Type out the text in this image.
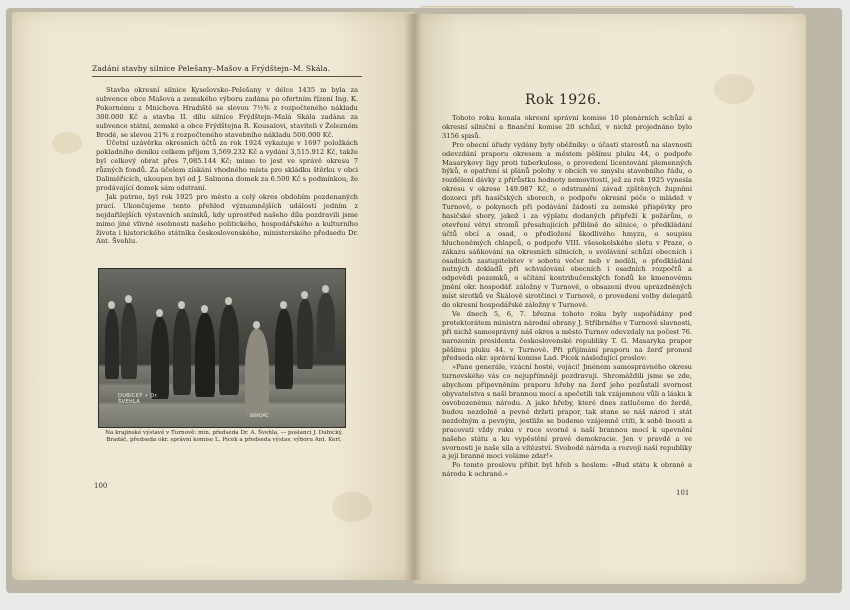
Zadání stavby silnice Pelešany–Mašov a Frýdštejn–M. Skála.

Stavba okresní silnice Kyselovsko–Pelešany v délce 1435 m byla za subvence obce Mašova a zemského výboru zadána po ofertním řízení Ing. K. Pokornému z Mnichova Hradiště se slevou 7½% z rozpočteného nákladu 300.000 Kč a stavba II. dílu silnice Frýdštejn–Malá Skála zadána za subvence státní, zemské a obce Frýdštejna R. Kousalovi, staviteli v Železném Brodě, se slevou 21% z rozpočteného stavebního nákladu 500.000 Kč.

Účetní uzávěrka okresních účtů za rok 1924 vykazuje v 1697 položkách pokladního deníku celkem příjem 3,569.232 Kč a vydání 3,515.912 Kč, takže byl celkový obrat přes 7,085.144 Kč; mimo to jest ve správě okresu 7 různých fondů. Za účelem získání vhodného místa pro skládku štěrku v obci Dalimĕřicích, ukoupen byl od J. Salmona domek za 6.500 Kč s podmínkou, že prodávající domek sám odstraní.

Jak patrno, byl rok 1925 pro město a celý okres obdobím pozdenaných prací. Ukončujeme tento přehled významnějších událostí jedním z nejdařilejších výstavních snímků, kdy uprostřed našeho díla pozdravili jsme mimo jiné vlivné osobnosti našeho politického, hospodářského a kulturního života i historického státníka československého, ministerského předsedu Dr. Ant. Švehlu.

DUBICKÝ • Dr. ŠVEHLA
BRADÁČ
Na krajinské výstavě v Turnově: min. předseda Dr. A. Švehla, — poslanci J. Dubický, Bradáč, předseda okr. správní komise L. Pícek a předseda výstav. výboru Ant. Kerl.
100
Rok 1926.

Tohoto roku konala okresní správní komise 10 plenárních schůzí a okresní silniční a finanční komise 20 schůzí, v nichž projednáno bylo 3156 spisů.

Pro obecní úřady vydány byly oběžníky: o účasti starostů na slavnosti odevzdání praporu okresem a městem pěšímu pluku 44, o podpoře Masarykovy ligy proti tuberkulose, o provedení licentování plemenných býků, o opatření si plánů polohy v obcích ve smyslu stavebního řádu, o rozdělení dávky z přírůstku hodnoty nemovitostí, jež za rok 1925 vynesla okresu v okrese 149.987 Kč, o odstranění závad zjištěných župními dozorci při hasičských sborech, o podpoře okresní péče o mládež v Turnově, o pokynech při podávání žádostí za zemské příspěvky pro hasičské sbory, jakož i za výplatu dodaných přípřeží k požárům, o otevření větví stromů přesahujících přílišně do silnice, o předkládání účtů obcí a osad, o předložení škodlivého hmyzu, o soupisu hluchoněmých chlapců, o podpoře VIII. všesokolského sletu v Praze, o zákazu sáňkování na okresních silnicích, o svolávání schůzí obecních i osadních zastupitelstev v sobotu večer neb v neděli, o předkládání nutných dokladů při schvalování obecních i osadních rozpočtů a odpovědi pozemků, o sčítání kontribučenských fondů ke kmenovému jmění okr. hospodář. záložny v Turnově, o obsazení dvou uprázdněných míst sirotků ve Škálově sirotčinci v Turnově, o provedení volby delegátů do okresní hospodářské záložny v Turnově.

Ve dnech 5, 6, 7. března tohoto roku byly uspořádány pod protektorátem ministra národní obrany J. Stříbrného v Turnově slavnosti, při nichž samosprávný náš okres a město Turnov odevzdaly na počest 76. narozenin presidenta československé republiky T. G. Masaryka prapor pěšímu pluku 44. v Turnově. Při přijímání praporu na žerď pronesl předseda okr. správní komise Lad. Pícek následující proslov:

»Pane generále, vzácní hosté, vojáci! Jménem samosprávného okresu turnovského vás co nejupřímněji pozdravuji. Shromáždili jsme se zde, abychom připevněním praporu hřeby na žerď jeho pozůstalí svornost obyvatelstva s naší brannou mocí a spečetili tak vzájemnou vůli a lásku k osvobozenému národu. A jako hřeby, které dnes zatlučeme do žerdě, budou nezdolně a pevně držeti prapor, tak stane se náš národ i stát nezdolným a pevným, jestliže se budeme vzájemně ctíti, k sobě lnouti a pracovati vždy ruku v ruce svorně s naší brannou mocí k upevnění našeho státu a ku vypěstění pravé demokracie. Jen v pravdě a ve svornosti je naše síla a vítězství. Svobodě národa a rozvoji naší republiky a její branné moci voláme zdar!«

Po tomto proslovu přibit byl hřeb s heslem: »Bud státu k obraně a národu k ochraně.«

101
